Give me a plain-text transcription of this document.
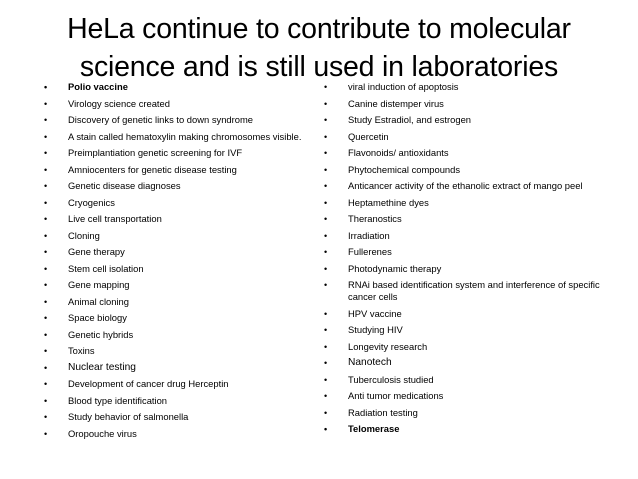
HeLa continue to contribute to molecular
science and is still used in laboratories
• Polio vaccine
• Virology science created
• Discovery of genetic links to down syndrome
• A stain called hematoxylin making chromosomes visible.
• Preimplantiation genetic screening for IVF
• Amniocenters for genetic disease testing
• Genetic disease diagnoses
• Cryogenics
• Live cell transportation
• Cloning
• Gene therapy
• Stem cell isolation
• Gene mapping
• Animal cloning
• Space biology
• Genetic hybrids
• Toxins
• Nuclear testing
• Development of cancer drug Herceptin
• Blood type identification
• Study behavior of salmonella
• Oropouche virus
• viral induction of apoptosis
• Canine distemper virus
• Study Estradiol, and estrogen
• Quercetin
• Flavonoids/ antioxidants
• Phytochemical compounds
• Anticancer activity of the ethanolic extract of mango peel
• Heptamethine dyes
• Theranostics
• Irradiation
• Fullerenes
• Photodynamic therapy
• RNAi based identification system and interference of specific cancer cells
• HPV vaccine
• Studying HIV
• Longevity research
• Nanotech
• Tuberculosis studied
• Anti tumor medications
• Radiation testing
• Telomerase
